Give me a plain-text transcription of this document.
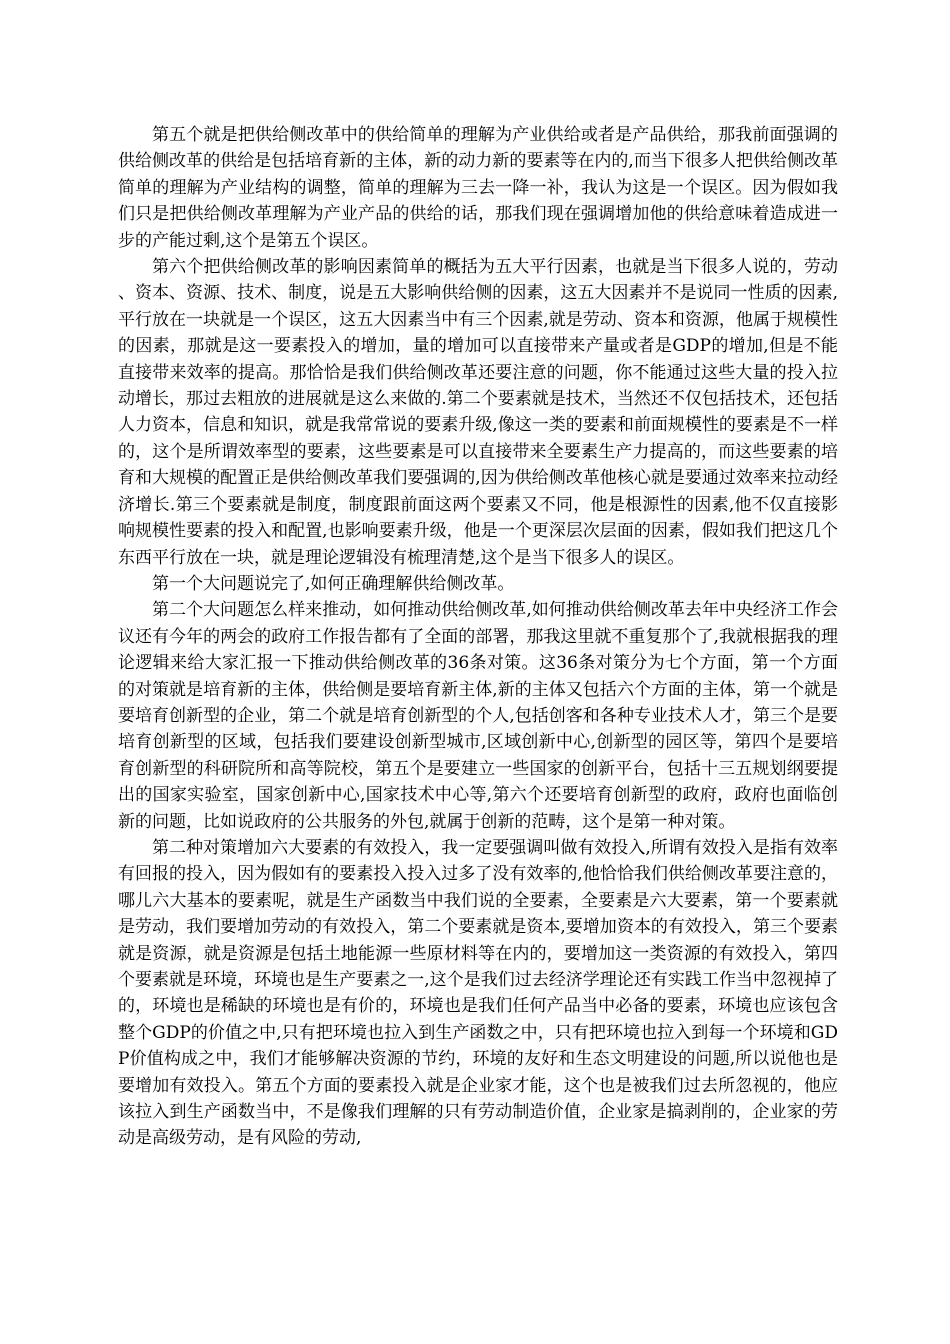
第五个就是把供给侧改革中的供给简单的理解为产业供给或者是产品供给，那我前面强调的供给侧改革的供给是包括培育新的主体，新的动力新的要素等在内的,而当下很多人把供给侧改革简单的理解为产业结构的调整，简单的理解为三去一降一补，我认为这是一个误区。因为假如我们只是把供给侧改革理解为产业产品的供给的话，那我们现在强调增加他的供给意味着造成进一步的产能过剩,这个是第五个误区。

第六个把供给侧改革的影响因素简单的概括为五大平行因素，也就是当下很多人说的，劳动、资本、资源、技术、制度，说是五大影响供给侧的因素，这五大因素并不是说同一性质的因素,平行放在一块就是一个误区，这五大因素当中有三个因素,就是劳动、资本和资源，他属于规模性的因素，那就是这一要素投入的增加，量的增加可以直接带来产量或者是GDP的增加,但是不能直接带来效率的提高。那恰恰是我们供给侧改革还要注意的问题，你不能通过这些大量的投入拉动增长，那过去粗放的进展就是这么来做的.第二个要素就是技术，当然还不仅包括技术，还包括人力资本，信息和知识，就是我常常说的要素升级,像这一类的要素和前面规模性的要素是不一样的，这个是所谓效率型的要素，这些要素是可以直接带来全要素生产力提高的，而这些要素的培育和大规模的配置正是供给侧改革我们要强调的,因为供给侧改革他核心就是要通过效率来拉动经济增长.第三个要素就是制度，制度跟前面这两个要素又不同，他是根源性的因素,他不仅直接影响规模性要素的投入和配置,也影响要素升级，他是一个更深层次层面的因素，假如我们把这几个东西平行放在一块，就是理论逻辑没有梳理清楚,这个是当下很多人的误区。

第一个大问题说完了,如何正确理解供给侧改革。

第二个大问题怎么样来推动，如何推动供给侧改革,如何推动供给侧改革去年中央经济工作会议还有今年的两会的政府工作报告都有了全面的部署，那我这里就不重复那个了,我就根据我的理论逻辑来给大家汇报一下推动供给侧改革的36条对策。这36条对策分为七个方面，第一个方面的对策就是培育新的主体，供给侧是要培育新主体,新的主体又包括六个方面的主体，第一个就是要培育创新型的企业，第二个就是培育创新型的个人,包括创客和各种专业技术人才，第三个是要培育创新型的区域，包括我们要建设创新型城市,区域创新中心,创新型的园区等，第四个是要培育创新型的科研院所和高等院校，第五个是要建立一些国家的创新平台，包括十三五规划纲要提出的国家实验室，国家创新中心,国家技术中心等,第六个还要培育创新型的政府，政府也面临创新的问题，比如说政府的公共服务的外包,就属于创新的范畴，这个是第一种对策。

第二种对策增加六大要素的有效投入，我一定要强调叫做有效投入,所谓有效投入是指有效率有回报的投入，因为假如有的要素投入投入过多了没有效率的,他恰恰我们供给侧改革要注意的，哪儿六大基本的要素呢，就是生产函数当中我们说的全要素，全要素是六大要素，第一个要素就是劳动，我们要增加劳动的有效投入，第二个要素就是资本,要增加资本的有效投入，第三个要素就是资源，就是资源是包括土地能源一些原材料等在内的，要增加这一类资源的有效投入，第四个要素就是环境，环境也是生产要素之一,这个是我们过去经济学理论还有实践工作当中忽视掉了的，环境也是稀缺的环境也是有价的，环境也是我们任何产品当中必备的要素，环境也应该包含整个GDP的价值之中,只有把环境也拉入到生产函数之中，只有把环境也拉入到每一个环境和GDP价值构成之中，我们才能够解决资源的节约，环境的友好和生态文明建设的问题,所以说他也是要增加有效投入。第五个方面的要素投入就是企业家才能，这个也是被我们过去所忽视的，他应该拉入到生产函数当中，不是像我们理解的只有劳动制造价值，企业家是搞剥削的，企业家的劳动是高级劳动，是有风险的劳动,
